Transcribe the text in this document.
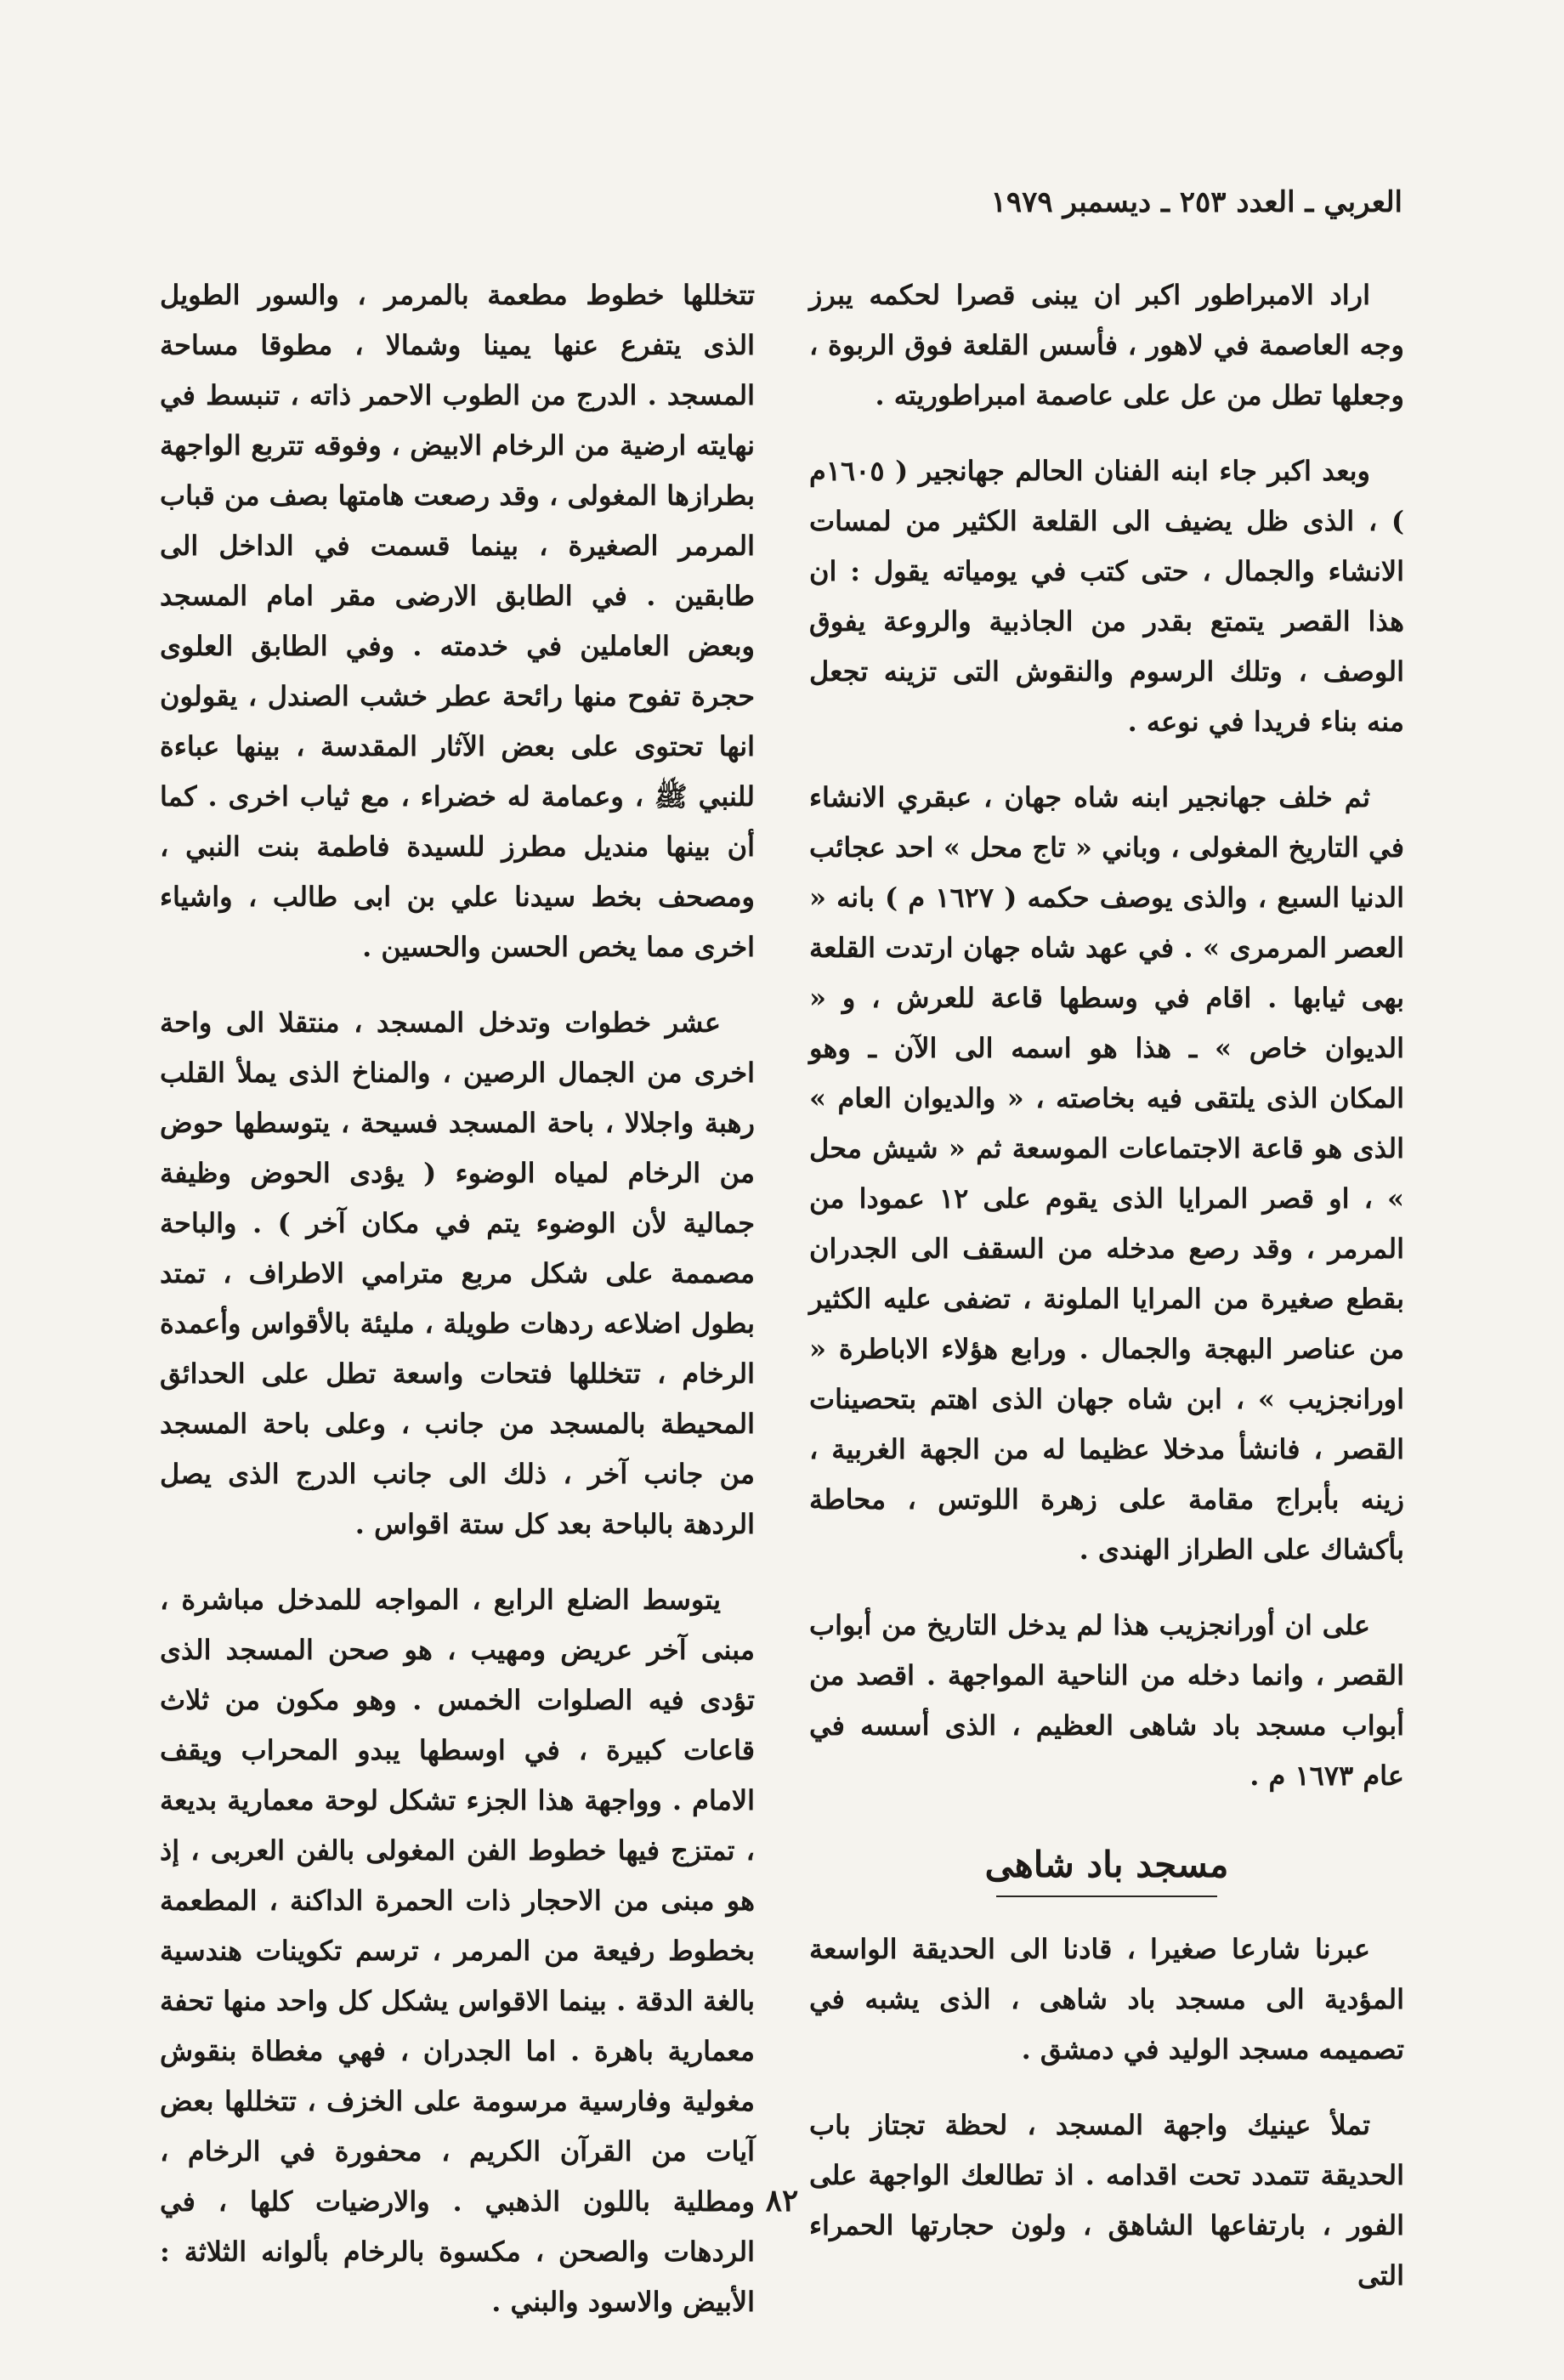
العربي ـ العدد ٢٥٣ ـ ديسمبر ١٩٧٩

اراد الامبراطور اكبر ان يبنى قصرا لحكمه يبرز وجه العاصمة في لاهور ، فأسس القلعة فوق الربوة ، وجعلها تطل من عل على عاصمة امبراطوريته .

وبعد اكبر جاء ابنه الفنان الحالم جهانجير ( ١٦٠٥م ) ، الذى ظل يضيف الى القلعة الكثير من لمسات الانشاء والجمال ، حتى كتب في يومياته يقول : ان هذا القصر يتمتع بقدر من الجاذبية والروعة يفوق الوصف ، وتلك الرسوم والنقوش التى تزينه تجعل منه بناء فريدا في نوعه .

ثم خلف جهانجير ابنه شاه جهان ، عبقري الانشاء في التاريخ المغولى ، وباني « تاج محل » احد عجائب الدنيا السبع ، والذى يوصف حكمه ( ١٦٢٧ م ) بانه « العصر المرمرى » . في عهد شاه جهان ارتدت القلعة بهى ثيابها . اقام في وسطها قاعة للعرش ، و « الديوان خاص » ـ هذا هو اسمه الى الآن ـ وهو المكان الذى يلتقى فيه بخاصته ، « والديوان العام » الذى هو قاعة الاجتماعات الموسعة ثم « شيش محل » ، او قصر المرايا الذى يقوم على ١٢ عمودا من المرمر ، وقد رصع مدخله من السقف الى الجدران بقطع صغيرة من المرايا الملونة ، تضفى عليه الكثير من عناصر البهجة والجمال . ورابع هؤلاء الاباطرة « اورانجزيب » ، ابن شاه جهان الذى اهتم بتحصينات القصر ، فانشأ مدخلا عظيما له من الجهة الغربية ، زينه بأبراج مقامة على زهرة اللوتس ، محاطة بأكشاك على الطراز الهندى .

على ان أورانجزيب هذا لم يدخل التاريخ من أبواب القصر ، وانما دخله من الناحية المواجهة . اقصد من أبواب مسجد باد شاهى العظيم ، الذى أسسه في عام ١٦٧٣ م .

مسجد باد شاهى

عبرنا شارعا صغيرا ، قادنا الى الحديقة الواسعة المؤدية الى مسجد باد شاهى ، الذى يشبه في تصميمه مسجد الوليد في دمشق .

تملأ عينيك واجهة المسجد ، لحظة تجتاز باب الحديقة تتمدد تحت اقدامه . اذ تطالعك الواجهة على الفور ، بارتفاعها الشاهق ، ولون حجارتها الحمراء التى

تتخللها خطوط مطعمة بالمرمر ، والسور الطويل الذى يتفرع عنها يمينا وشمالا ، مطوقا مساحة المسجد . الدرج من الطوب الاحمر ذاته ، تنبسط في نهايته ارضية من الرخام الابيض ، وفوقه تتربع الواجهة بطرازها المغولى ، وقد رصعت هامتها بصف من قباب المرمر الصغيرة ، بينما قسمت في الداخل الى طابقين . في الطابق الارضى مقر امام المسجد وبعض العاملين في خدمته . وفي الطابق العلوى حجرة تفوح منها رائحة عطر خشب الصندل ، يقولون انها تحتوى على بعض الآثار المقدسة ، بينها عباءة للنبي ﷺ ، وعمامة له خضراء ، مع ثياب اخرى . كما أن بينها منديل مطرز للسيدة فاطمة بنت النبي ، ومصحف بخط سيدنا علي بن ابى طالب ، واشياء اخرى مما يخص الحسن والحسين .

عشر خطوات وتدخل المسجد ، منتقلا الى واحة اخرى من الجمال الرصين ، والمناخ الذى يملأ القلب رهبة واجلالا ، باحة المسجد فسيحة ، يتوسطها حوض من الرخام لمياه الوضوء ( يؤدى الحوض وظيفة جمالية لأن الوضوء يتم في مكان آخر ) . والباحة مصممة على شكل مربع مترامي الاطراف ، تمتد بطول اضلاعه ردهات طويلة ، مليئة بالأقواس وأعمدة الرخام ، تتخللها فتحات واسعة تطل على الحدائق المحيطة بالمسجد من جانب ، وعلى باحة المسجد من جانب آخر ، ذلك الى جانب الدرج الذى يصل الردهة بالباحة بعد كل ستة اقواس .

يتوسط الضلع الرابع ، المواجه للمدخل مباشرة ، مبنى آخر عريض ومهيب ، هو صحن المسجد الذى تؤدى فيه الصلوات الخمس . وهو مكون من ثلاث قاعات كبيرة ، في اوسطها يبدو المحراب ويقف الامام . وواجهة هذا الجزء تشكل لوحة معمارية بديعة ، تمتزج فيها خطوط الفن المغولى بالفن العربى ، إذ هو مبنى من الاحجار ذات الحمرة الداكنة ، المطعمة بخطوط رفيعة من المرمر ، ترسم تكوينات هندسية بالغة الدقة . بينما الاقواس يشكل كل واحد منها تحفة معمارية باهرة . اما الجدران ، فهي مغطاة بنقوش مغولية وفارسية مرسومة على الخزف ، تتخللها بعض آيات من القرآن الكريم ، محفورة في الرخام ، ومطلية باللون الذهبي . والارضيات كلها ، في الردهات والصحن ، مكسوة بالرخام بألوانه الثلاثة : الأبيض والاسود والبني .

٨٢
